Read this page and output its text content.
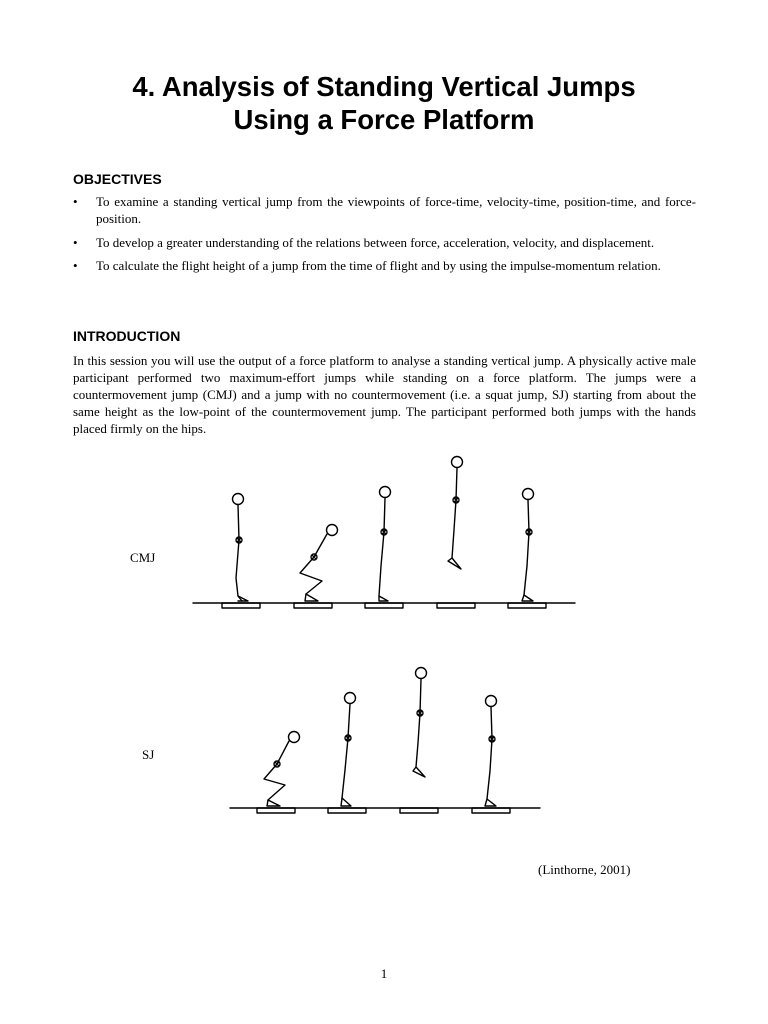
4. Analysis of Standing Vertical Jumps
Using a Force Platform
OBJECTIVES
• To examine a standing vertical jump from the viewpoints of force-time, velocity-time, position-time, and force-position.
• To develop a greater understanding of the relations between force, acceleration, velocity, and displacement.
• To calculate the flight height of a jump from the time of flight and by using the impulse-momentum relation.
INTRODUCTION

In this session you will use the output of a force platform to analyse a standing vertical jump. A physically active male participant performed two maximum-effort jumps while standing on a force platform. The jumps were a countermovement jump (CMJ) and a jump with no countermovement (i.e. a squat jump, SJ) starting from about the same height as the low-point of the countermovement jump. The participant performed both jumps with the hands placed firmly on the hips.

CMJ
SJ
(Linthorne, 2001)
1
